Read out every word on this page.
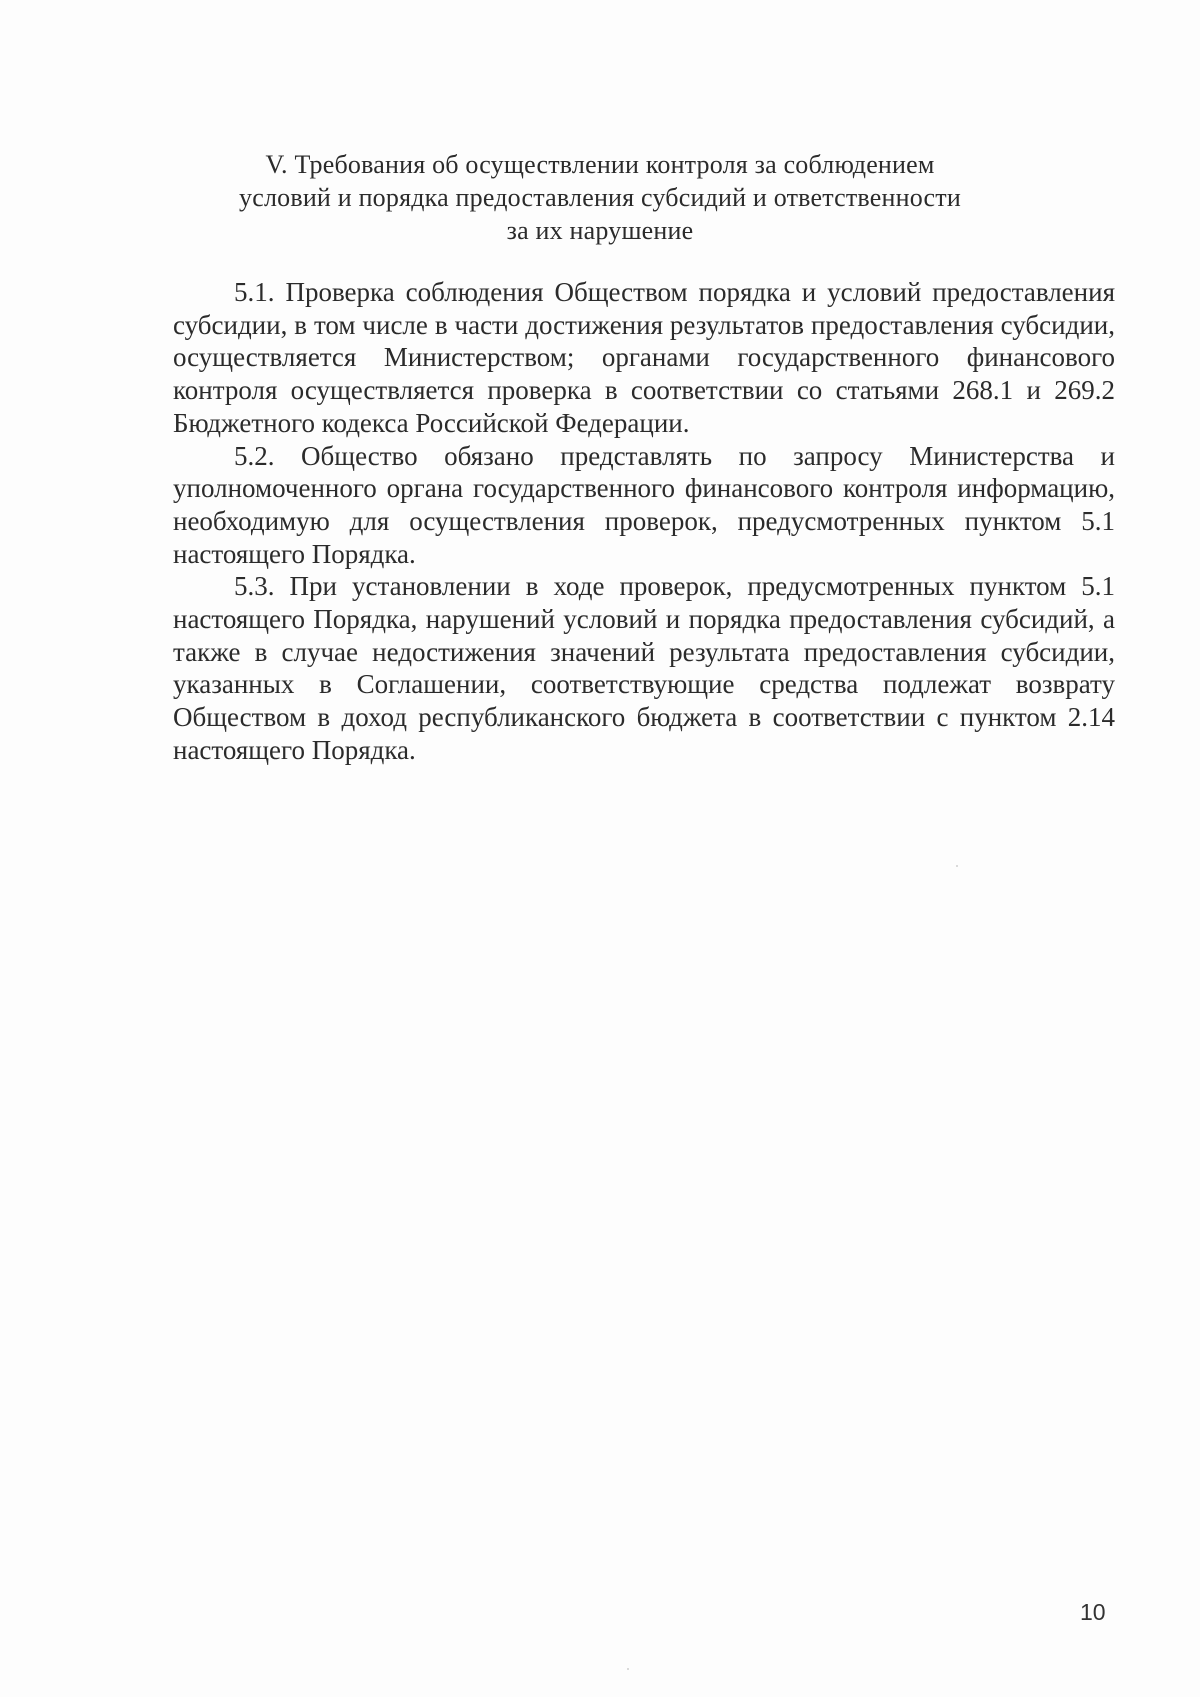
V. Требования об осуществлении контроля за соблюдением
условий и порядка предоставления субсидий и ответственности
за их нарушение

5.1. Проверка соблюдения Обществом порядка и условий предоставления субсидии, в том числе в части достижения результатов предоставления субсидии, осуществляется Министерством; органами государственного финансового контроля осуществляется проверка в соответствии со статьями 268.1 и 269.2 Бюджетного кодекса Российской Федерации.

5.2. Общество обязано представлять по запросу Министерства и уполномоченного органа государственного финансового контроля информацию, необходимую для осуществления проверок, предусмотренных пунктом 5.1 настоящего Порядка.

5.3. При установлении в ходе проверок, предусмотренных пунктом 5.1 настоящего Порядка, нарушений условий и порядка предоставления субсидий, а также в случае недостижения значений результата предоставления субсидии, указанных в Соглашении, соответствующие средства подлежат возврату Обществом в доход республиканского бюджета в соответствии с пунктом 2.14 настоящего Порядка.

10
